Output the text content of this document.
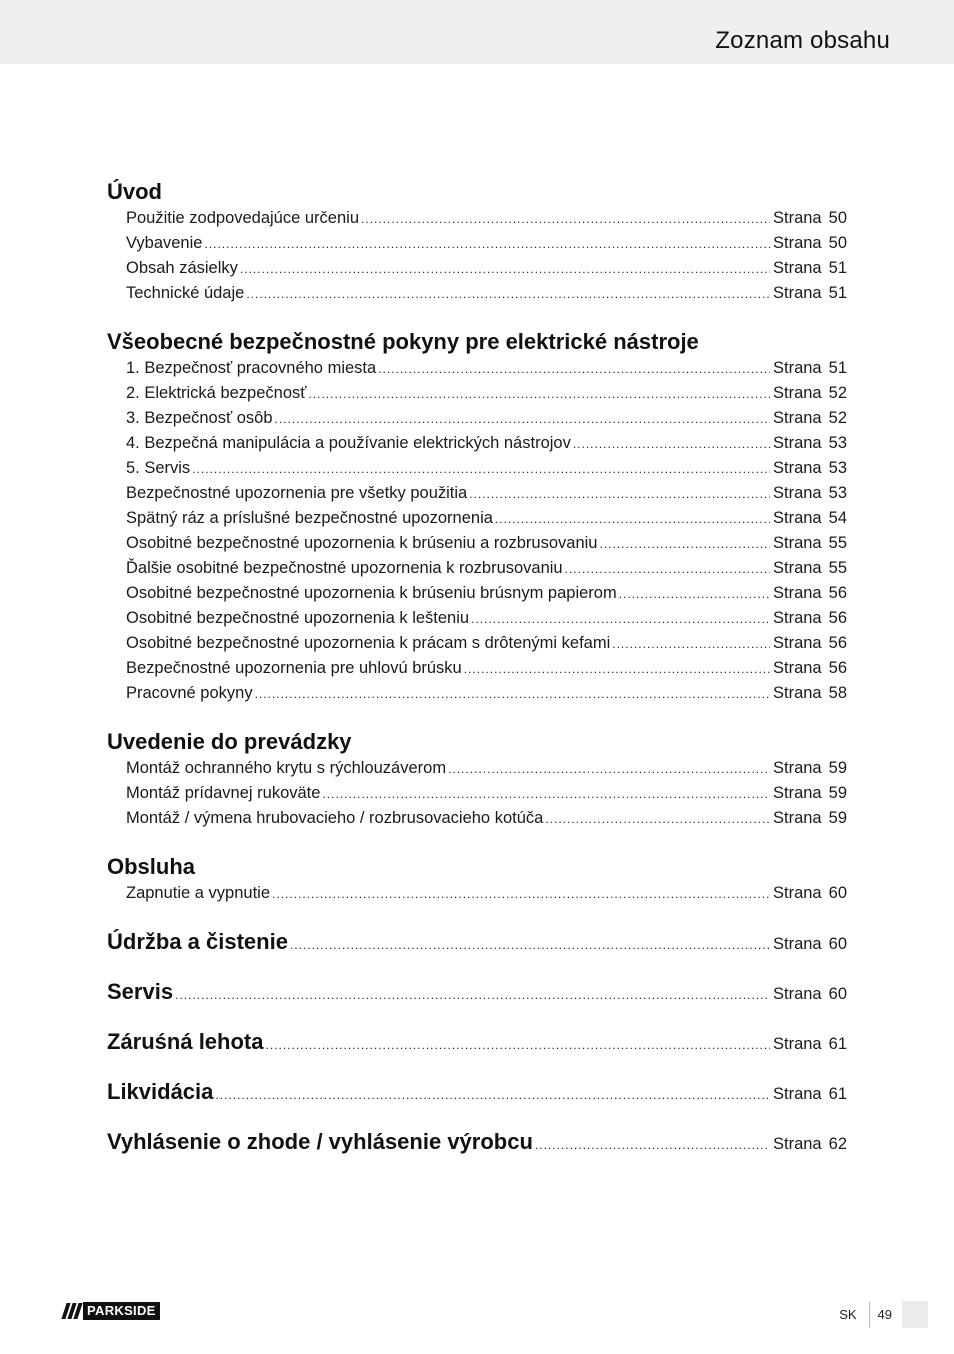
Zoznam obsahu
Úvod
Použitie zodpovedajúce určeniu .....	Strana 50
Vybavenie .....	Strana 50
Obsah zásielky .....	Strana 51
Technické údaje .....	Strana 51
Všeobecné bezpečnostné pokyny pre elektrické nástroje
1. Bezpečnosť pracovného miesta .....	Strana 51
2. Elektrická bezpečnosť .....	Strana 52
3. Bezpečnosť osôb .....	Strana 52
4. Bezpečná manipulácia a používanie elektrických nástrojov .....	Strana 53
5. Servis .....	Strana 53
Bezpečnostné upozornenia pre všetky použitia .....	Strana 53
Spätný ráz a príslušné bezpečnostné upozornenia .....	Strana 54
Osobitné bezpečnostné upozornenia k brúseniu a rozbrusovaniu .....	Strana 55
Ďalšie osobitné bezpečnostné upozornenia k rozbrusovaniu .....	Strana 55
Osobitné bezpečnostné upozornenia k brúseniu brúsnym papierom .....	Strana 56
Osobitné bezpečnostné upozornenia k lešteniu .....	Strana 56
Osobitné bezpečnostné upozornenia k prácam s drôtenými kefami .....	Strana 56
Bezpečnostné upozornenia pre uhlovú brúsku .....	Strana 56
Pracovné pokyny .....	Strana 58
Uvedenie do prevádzky
Montáž ochranného krytu s rýchlouzáverom .....	Strana 59
Montáž prídavnej rukoväte .....	Strana 59
Montáž / výmena hrubovacieho / rozbrusovacieho kotúča .....	Strana 59
Obsluha
Zapnutie a vypnutie .....	Strana 60
Údržba a čistenie .....	Strana 60
Servis .....	Strana 60
Záruśná lehota .....	Strana 61
Likvidácia .....	Strana 61
Vyhlásenie o zhode / vyhlásenie výrobcu .....	Strana 62
PARKSIDE	SK 49
